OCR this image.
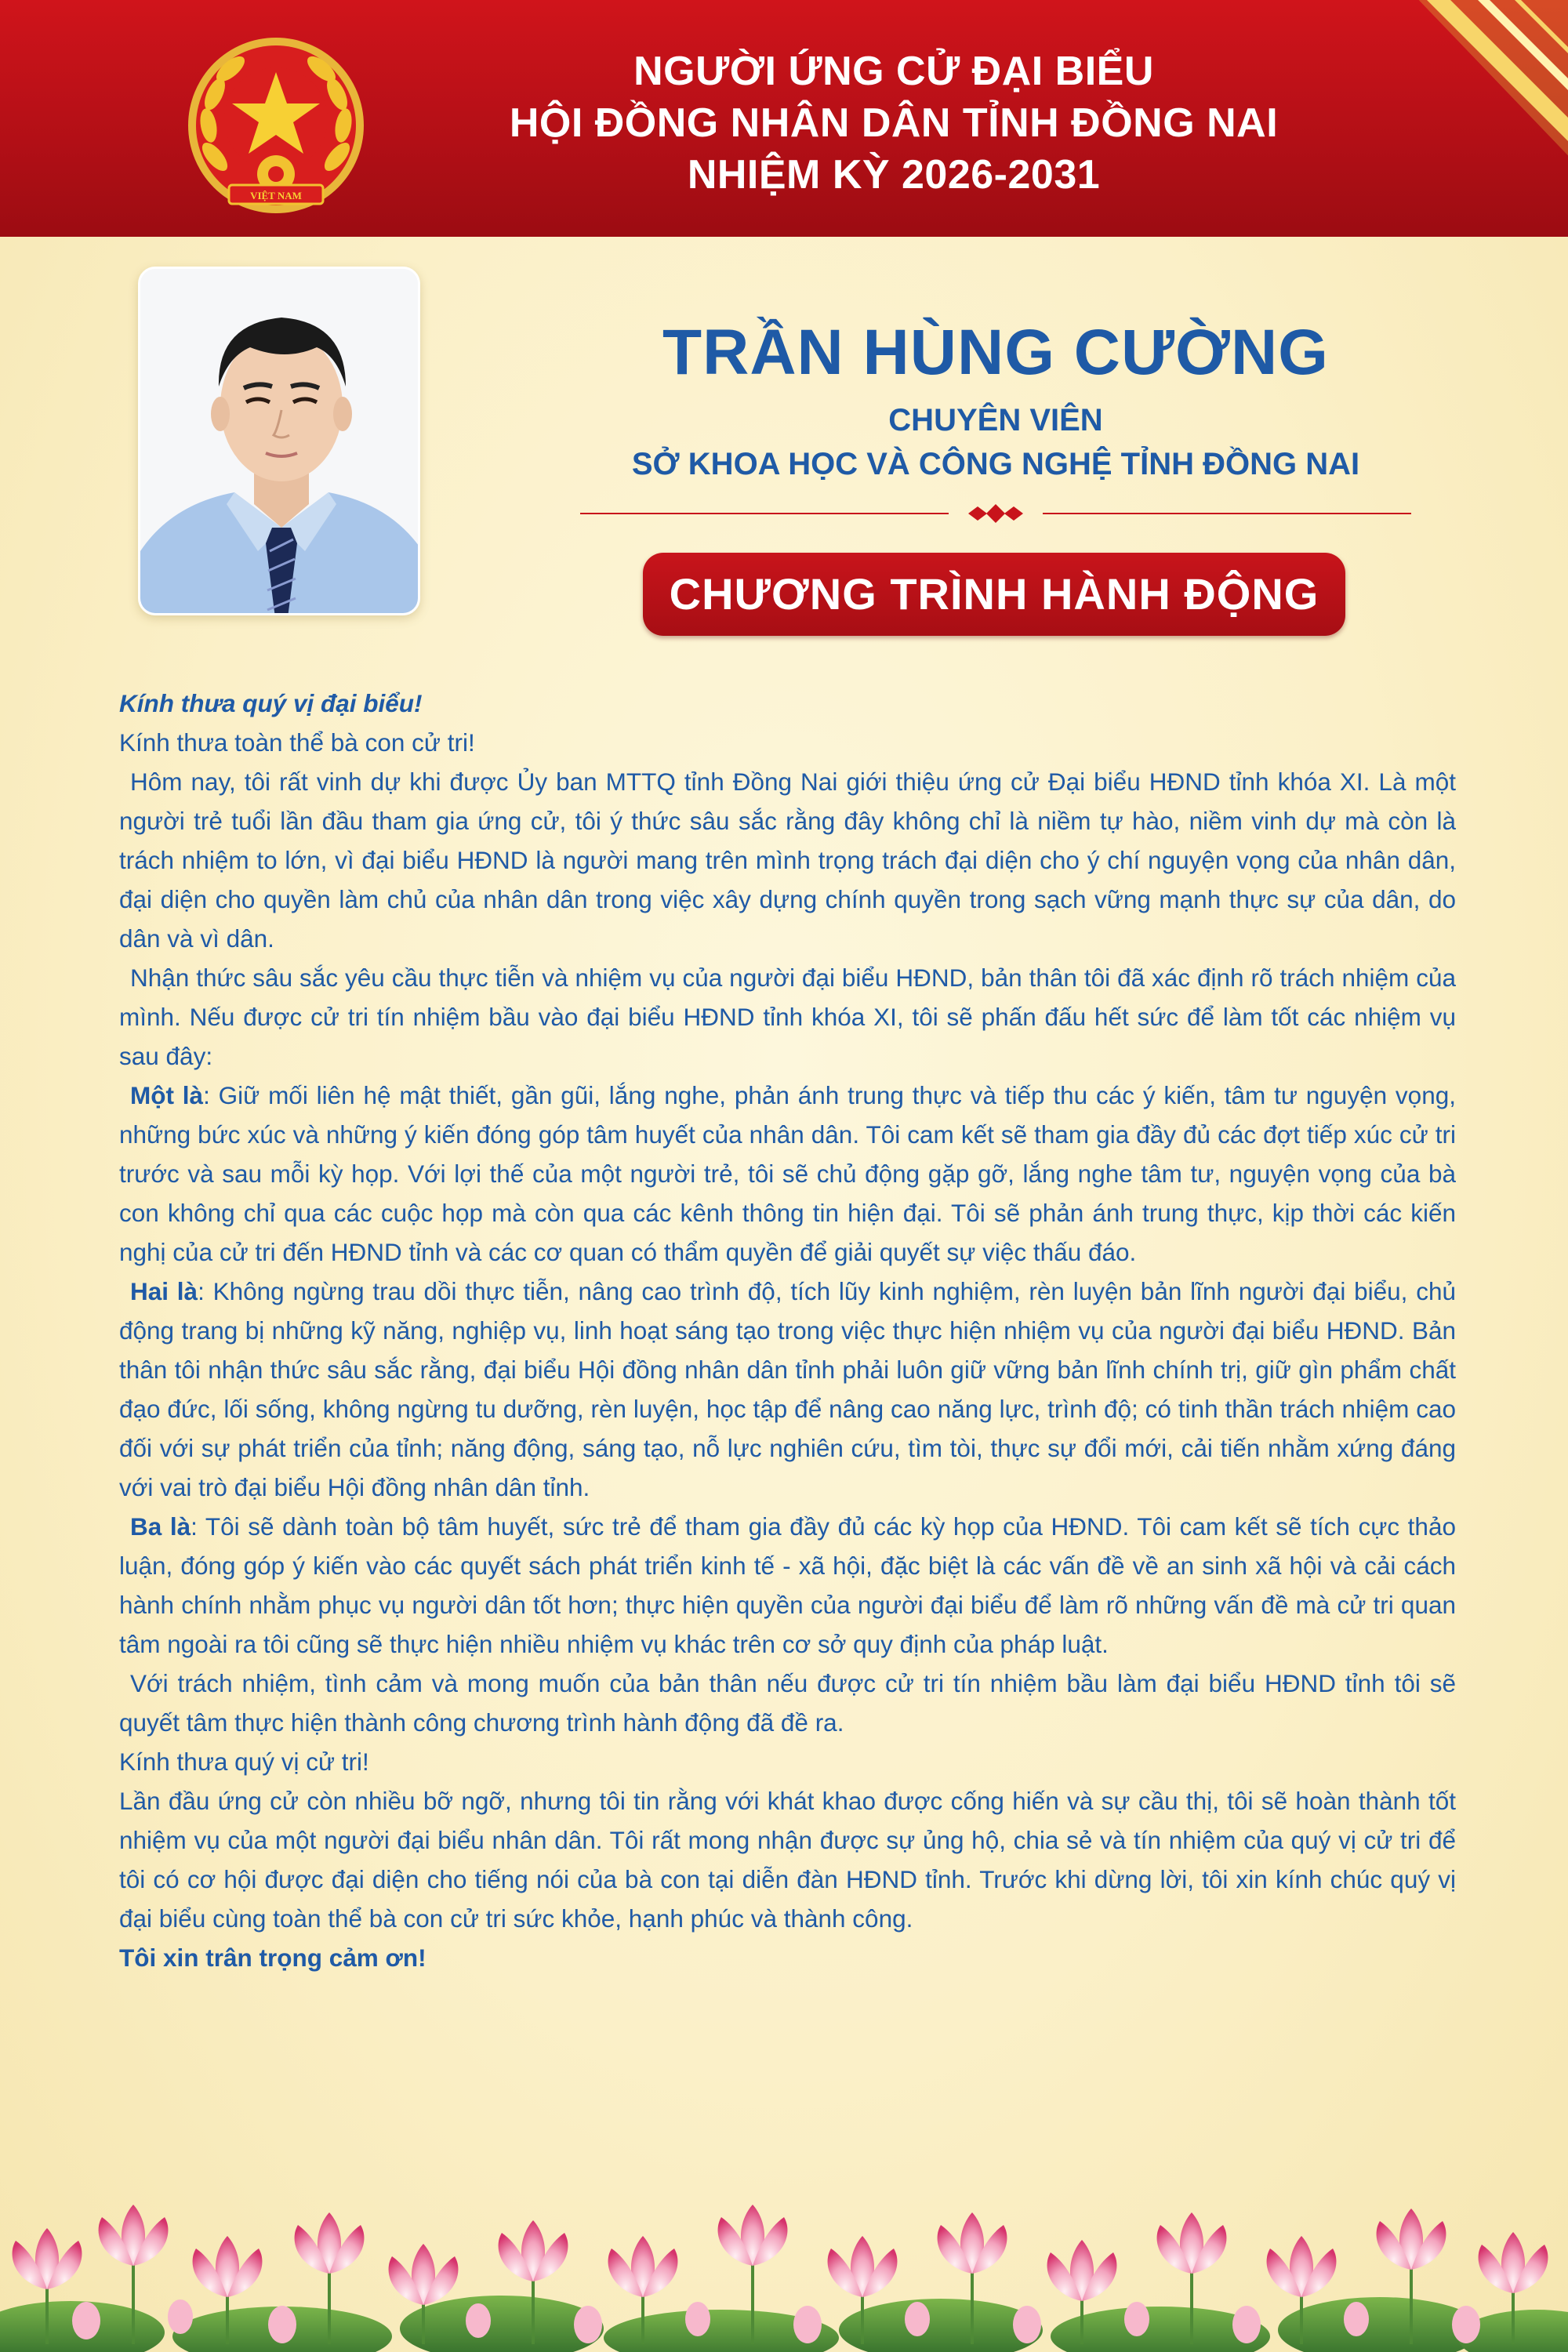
VIỆT NAM
NGƯỜI ỨNG CỬ ĐẠI BIỂU
HỘI ĐỒNG NHÂN DÂN TỈNH ĐỒNG NAI
NHIỆM KỲ 2026-2031
TRẦN HÙNG CƯỜNG
CHUYÊN VIÊN
SỞ KHOA HỌC VÀ CÔNG NGHỆ TỈNH ĐỒNG NAI
CHƯƠNG TRÌNH HÀNH ĐỘNG

Kính thưa quý vị đại biểu!

Kính thưa toàn thể bà con cử tri!

Hôm nay, tôi rất vinh dự khi được Ủy ban MTTQ tỉnh Đồng Nai giới thiệu ứng cử Đại biểu HĐND tỉnh khóa XI. Là một người trẻ tuổi lần đầu tham gia ứng cử, tôi ý thức sâu sắc rằng đây không chỉ là niềm tự hào, niềm vinh dự mà còn là trách nhiệm to lớn, vì đại biểu HĐND là người mang trên mình trọng trách đại diện cho ý chí nguyện vọng của nhân dân, đại diện cho quyền làm chủ của nhân dân trong việc xây dựng chính quyền trong sạch vững mạnh thực sự của dân, do dân và vì dân.

Nhận thức sâu sắc yêu cầu thực tiễn và nhiệm vụ của người đại biểu HĐND, bản thân tôi đã xác định rõ trách nhiệm của mình. Nếu được cử tri tín nhiệm bầu vào đại biểu HĐND tỉnh khóa XI, tôi sẽ phấn đấu hết sức để làm tốt các nhiệm vụ sau đây:

Một là: Giữ mối liên hệ mật thiết, gần gũi, lắng nghe, phản ánh trung thực và tiếp thu các ý kiến, tâm tư nguyện vọng, những bức xúc và những ý kiến đóng góp tâm huyết của nhân dân. Tôi cam kết sẽ tham gia đầy đủ các đợt tiếp xúc cử tri trước và sau mỗi kỳ họp. Với lợi thế của một người trẻ, tôi sẽ chủ động gặp gỡ, lắng nghe tâm tư, nguyện vọng của bà con không chỉ qua các cuộc họp mà còn qua các kênh thông tin hiện đại. Tôi sẽ phản ánh trung thực, kịp thời các kiến nghị của cử tri đến HĐND tỉnh và các cơ quan có thẩm quyền để giải quyết sự việc thấu đáo.

Hai là: Không ngừng trau dồi thực tiễn, nâng cao trình độ, tích lũy kinh nghiệm, rèn luyện bản lĩnh người đại biểu, chủ động trang bị những kỹ năng, nghiệp vụ, linh hoạt sáng tạo trong việc thực hiện nhiệm vụ của người đại biểu HĐND. Bản thân tôi nhận thức sâu sắc rằng, đại biểu Hội đồng nhân dân tỉnh phải luôn giữ vững bản lĩnh chính trị, giữ gìn phẩm chất đạo đức, lối sống, không ngừng tu dưỡng, rèn luyện, học tập để nâng cao năng lực, trình độ; có tinh thần trách nhiệm cao đối với sự phát triển của tỉnh; năng động, sáng tạo, nỗ lực nghiên cứu, tìm tòi, thực sự đổi mới, cải tiến nhằm xứng đáng với vai trò đại biểu Hội đồng nhân dân tỉnh.

Ba là: Tôi sẽ dành toàn bộ tâm huyết, sức trẻ để tham gia đầy đủ các kỳ họp của HĐND. Tôi cam kết sẽ tích cực thảo luận, đóng góp ý kiến vào các quyết sách phát triển kinh tế - xã hội, đặc biệt là các vấn đề về an sinh xã hội và cải cách hành chính nhằm phục vụ người dân tốt hơn; thực hiện quyền của người đại biểu để làm rõ những vấn đề mà cử tri quan tâm ngoài ra tôi cũng sẽ thực hiện nhiều nhiệm vụ khác trên cơ sở quy định của pháp luật.

Với trách nhiệm, tình cảm và mong muốn của bản thân nếu được cử tri tín nhiệm bầu làm đại biểu HĐND tỉnh tôi sẽ quyết tâm thực hiện thành công chương trình hành động đã đề ra.

Kính thưa quý vị cử tri!

Lần đầu ứng cử còn nhiều bỡ ngỡ, nhưng tôi tin rằng với khát khao được cống hiến và sự cầu thị, tôi sẽ hoàn thành tốt nhiệm vụ của một người đại biểu nhân dân. Tôi rất mong nhận được sự ủng hộ, chia sẻ và tín nhiệm của quý vị cử tri để tôi có cơ hội được đại diện cho tiếng nói của bà con tại diễn đàn HĐND tỉnh. Trước khi dừng lời, tôi xin kính chúc quý vị đại biểu cùng toàn thể bà con cử tri sức khỏe, hạnh phúc và thành công.

Tôi xin trân trọng cảm ơn!
